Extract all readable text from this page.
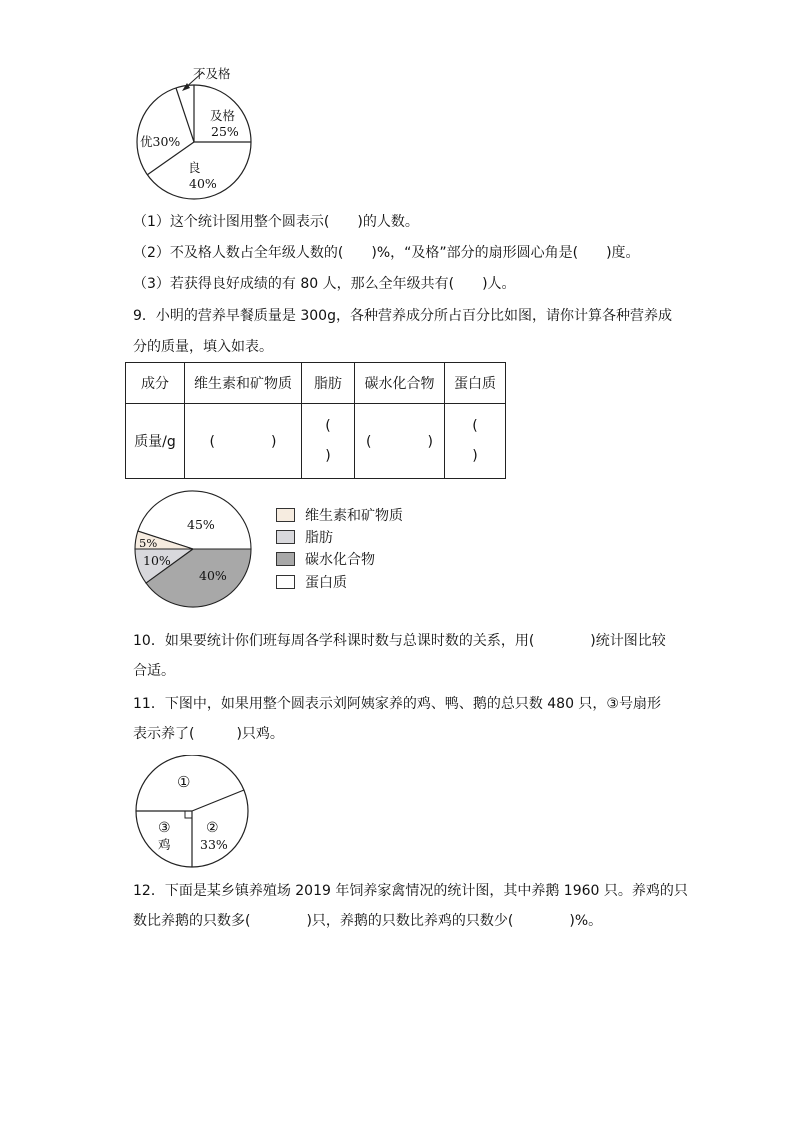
不及格
及格
25%
优30%
良
40%
（1）这个统计图用整个圆表示(　　)的人数。
（2）不及格人数占全年级人数的(　　)%，“及格”部分的扇形圆心角是(　　)度。
（3）若获得良好成绩的有 80 人，那么全年级共有(　　)人。
9．小明的营养早餐质量是 300g，各种营养成分所占百分比如图，请你计算各种营养成
分的质量，填入如表。
成分	维生素和矿物质	脂肪	碳水化合物	蛋白质
质量/g	(　　　　)	(
)	(　　　　)	(
)
45%
5%
10%
40%
维生素和矿物质
脂肪
碳水化合物
蛋白质
10．如果要统计你们班每周各学科课时数与总课时数的关系，用(　　　　)统计图比较
合适。
11．下图中，如果用整个圆表示刘阿姨家养的鸡、鸭、鹅的总只数 480 只，③号扇形
表示养了(　　　)只鸡。
①
②
33%
③
鸡
12．下面是某乡镇养殖场 2019 年饲养家禽情况的统计图，其中养鹅 1960 只。养鸡的只
数比养鹅的只数多(　　　　)只，养鹅的只数比养鸡的只数少(　　　　)%。
